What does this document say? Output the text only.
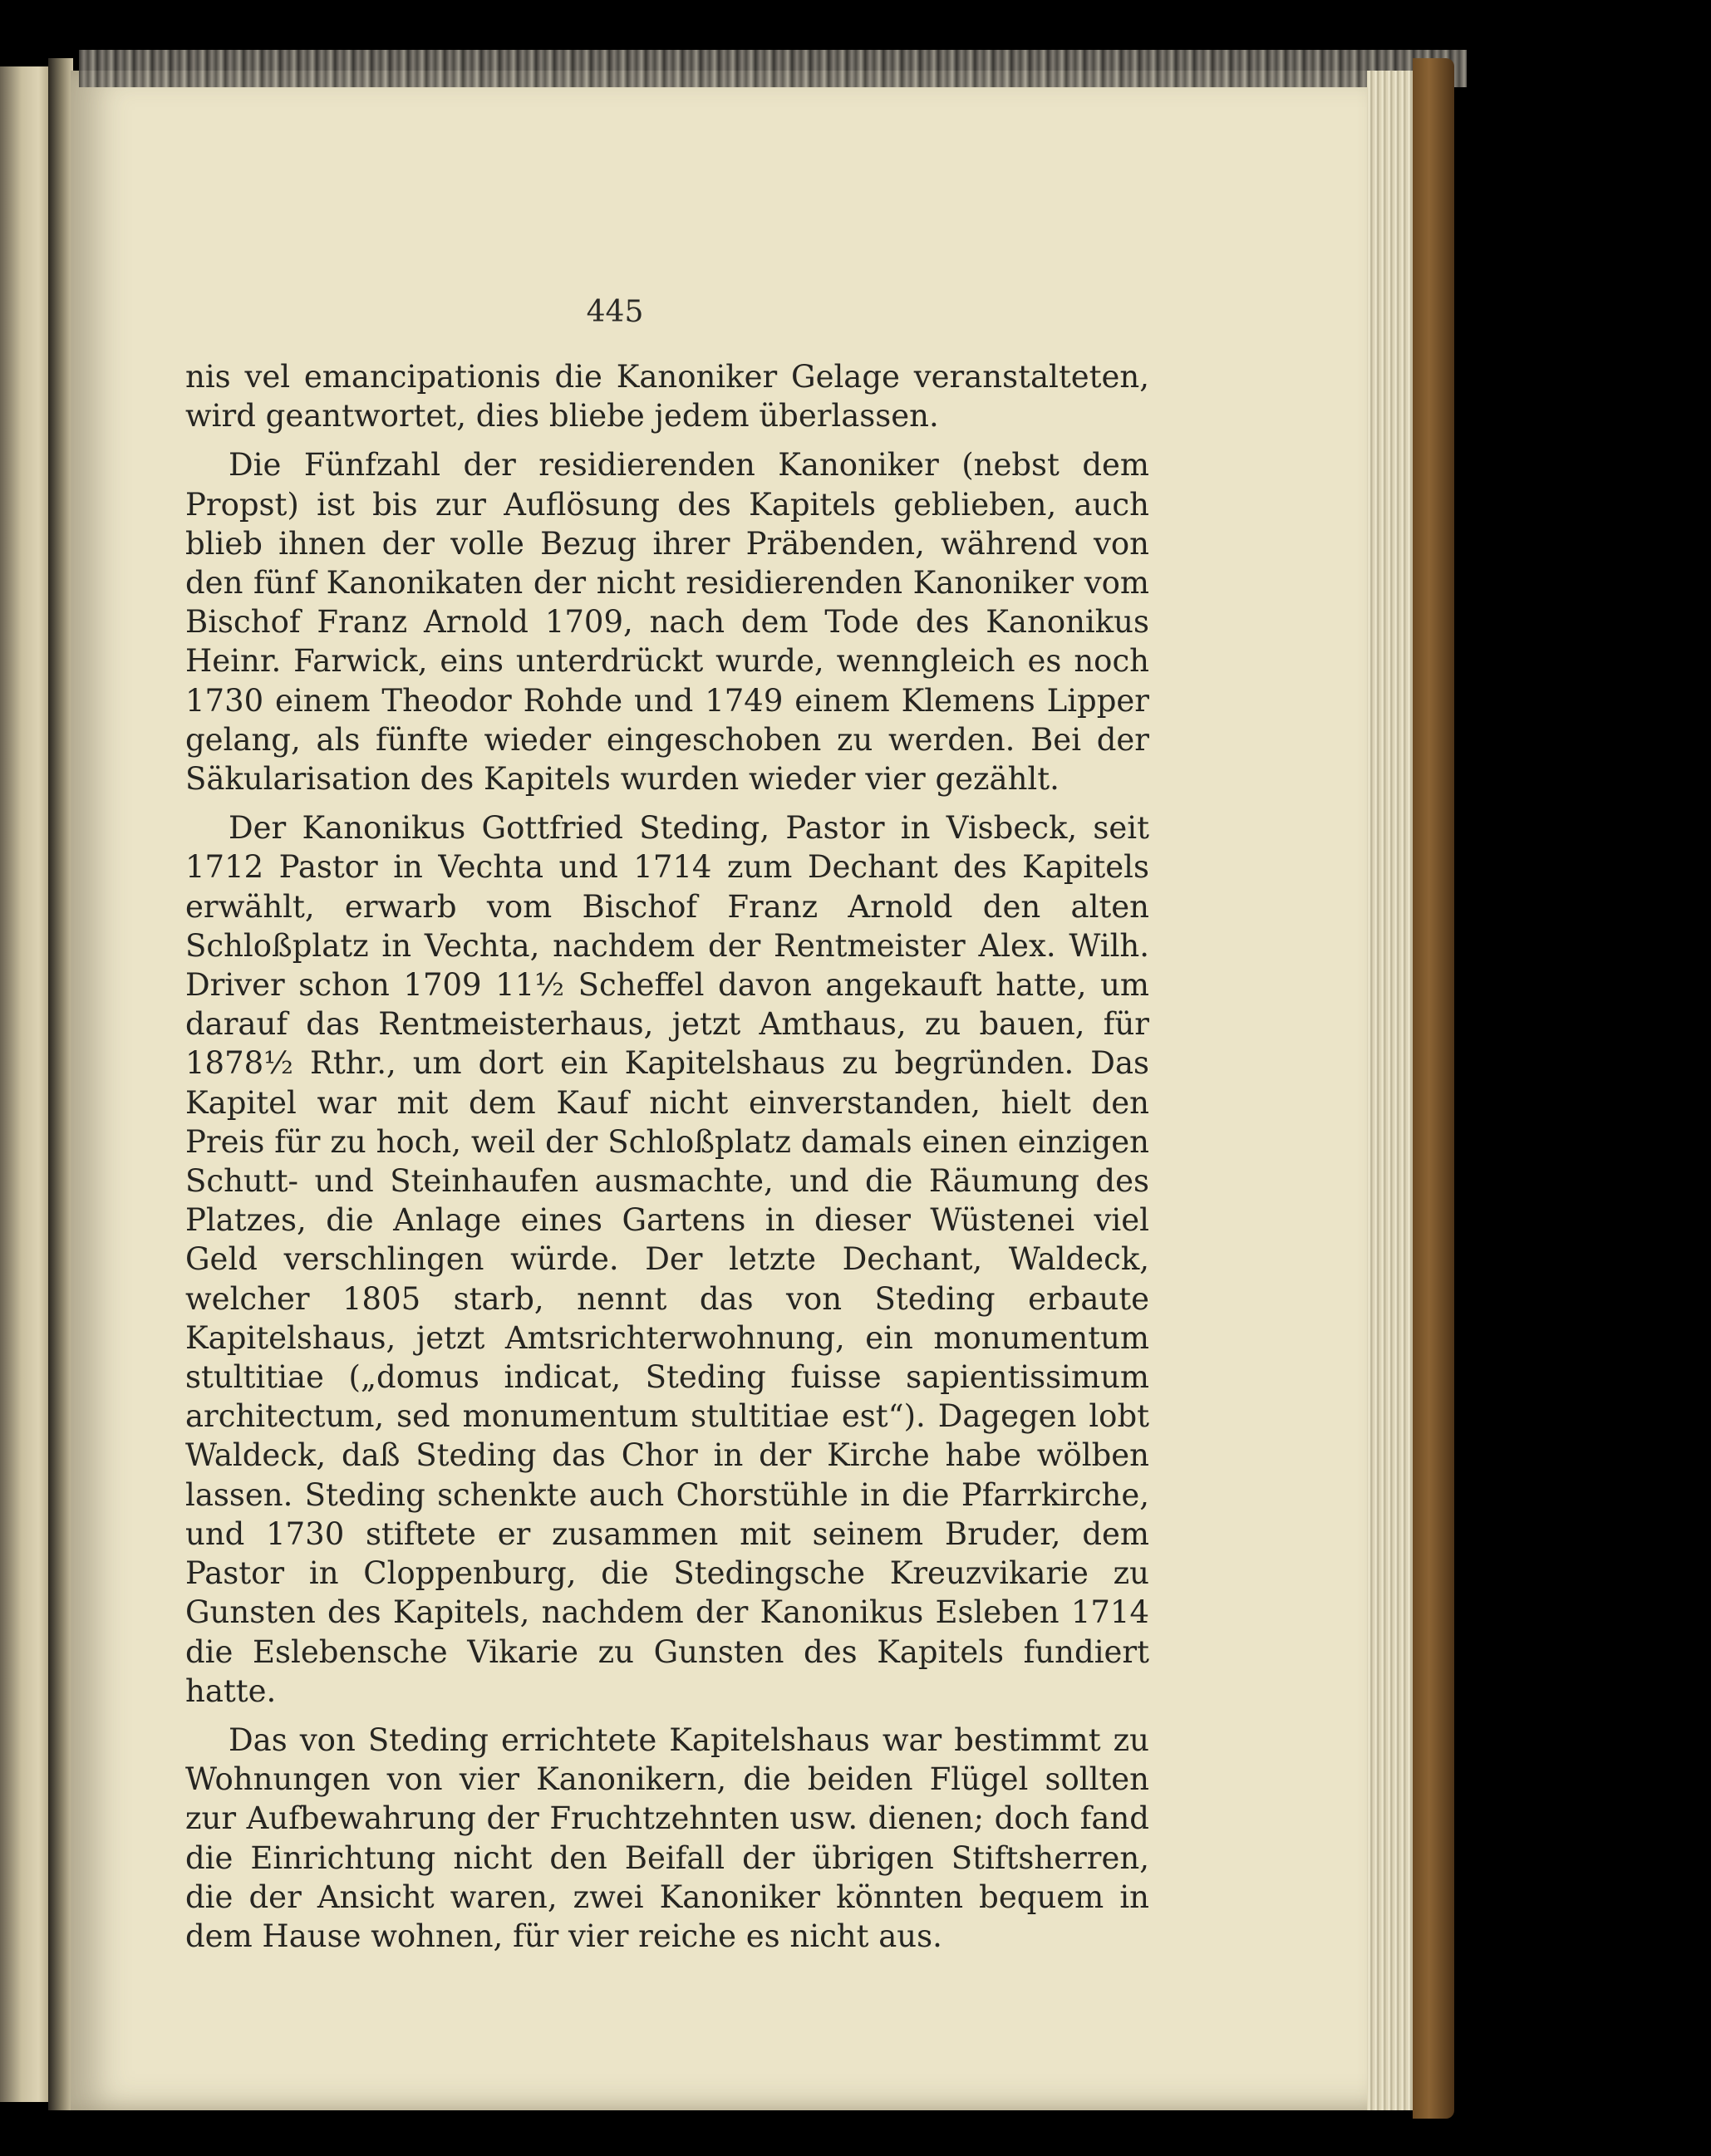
445

nis vel emancipationis die Kanoniker Gelage veranstalteten, wird geantwortet, dies bliebe jedem überlassen.

Die Fünfzahl der residierenden Kanoniker (nebst dem Propst) ist bis zur Auflösung des Kapitels geblieben, auch blieb ihnen der volle Bezug ihrer Präbenden, während von den fünf Kanonikaten der nicht residierenden Kanoniker vom Bischof Franz Arnold 1709, nach dem Tode des Kanonikus Heinr. Farwick, eins unterdrückt wurde, wenngleich es noch 1730 einem Theodor Rohde und 1749 einem Klemens Lipper gelang, als fünfte wieder eingeschoben zu werden. Bei der Säkularisation des Kapitels wurden wieder vier gezählt.

Der Kanonikus Gottfried Steding, Pastor in Visbeck, seit 1712 Pastor in Vechta und 1714 zum Dechant des Kapitels erwählt, erwarb vom Bischof Franz Arnold den alten Schloßplatz in Vechta, nachdem der Rentmeister Alex. Wilh. Driver schon 1709 11½ Scheffel davon angekauft hatte, um darauf das Rentmeisterhaus, jetzt Amthaus, zu bauen, für 1878½ Rthr., um dort ein Kapitelshaus zu begründen. Das Kapitel war mit dem Kauf nicht einverstanden, hielt den Preis für zu hoch, weil der Schloßplatz damals einen einzigen Schutt- und Steinhaufen ausmachte, und die Räumung des Platzes, die Anlage eines Gartens in dieser Wüstenei viel Geld verschlingen würde. Der letzte Dechant, Waldeck, welcher 1805 starb, nennt das von Steding erbaute Kapitelshaus, jetzt Amtsrichterwohnung, ein monumentum stultitiae („domus indicat, Steding fuisse sapientissimum architectum, sed monumentum stultitiae est“). Dagegen lobt Waldeck, daß Steding das Chor in der Kirche habe wölben lassen. Steding schenkte auch Chorstühle in die Pfarrkirche, und 1730 stiftete er zusammen mit seinem Bruder, dem Pastor in Cloppenburg, die Stedingsche Kreuzvikarie zu Gunsten des Kapitels, nachdem der Kanonikus Esleben 1714 die Eslebensche Vikarie zu Gunsten des Kapitels fundiert hatte.

Das von Steding errichtete Kapitelshaus war bestimmt zu Wohnungen von vier Kanonikern, die beiden Flügel sollten zur Aufbewahrung der Fruchtzehnten usw. dienen; doch fand die Einrichtung nicht den Beifall der übrigen Stiftsherren, die der Ansicht waren, zwei Kanoniker könnten bequem in dem Hause wohnen, für vier reiche es nicht aus.
